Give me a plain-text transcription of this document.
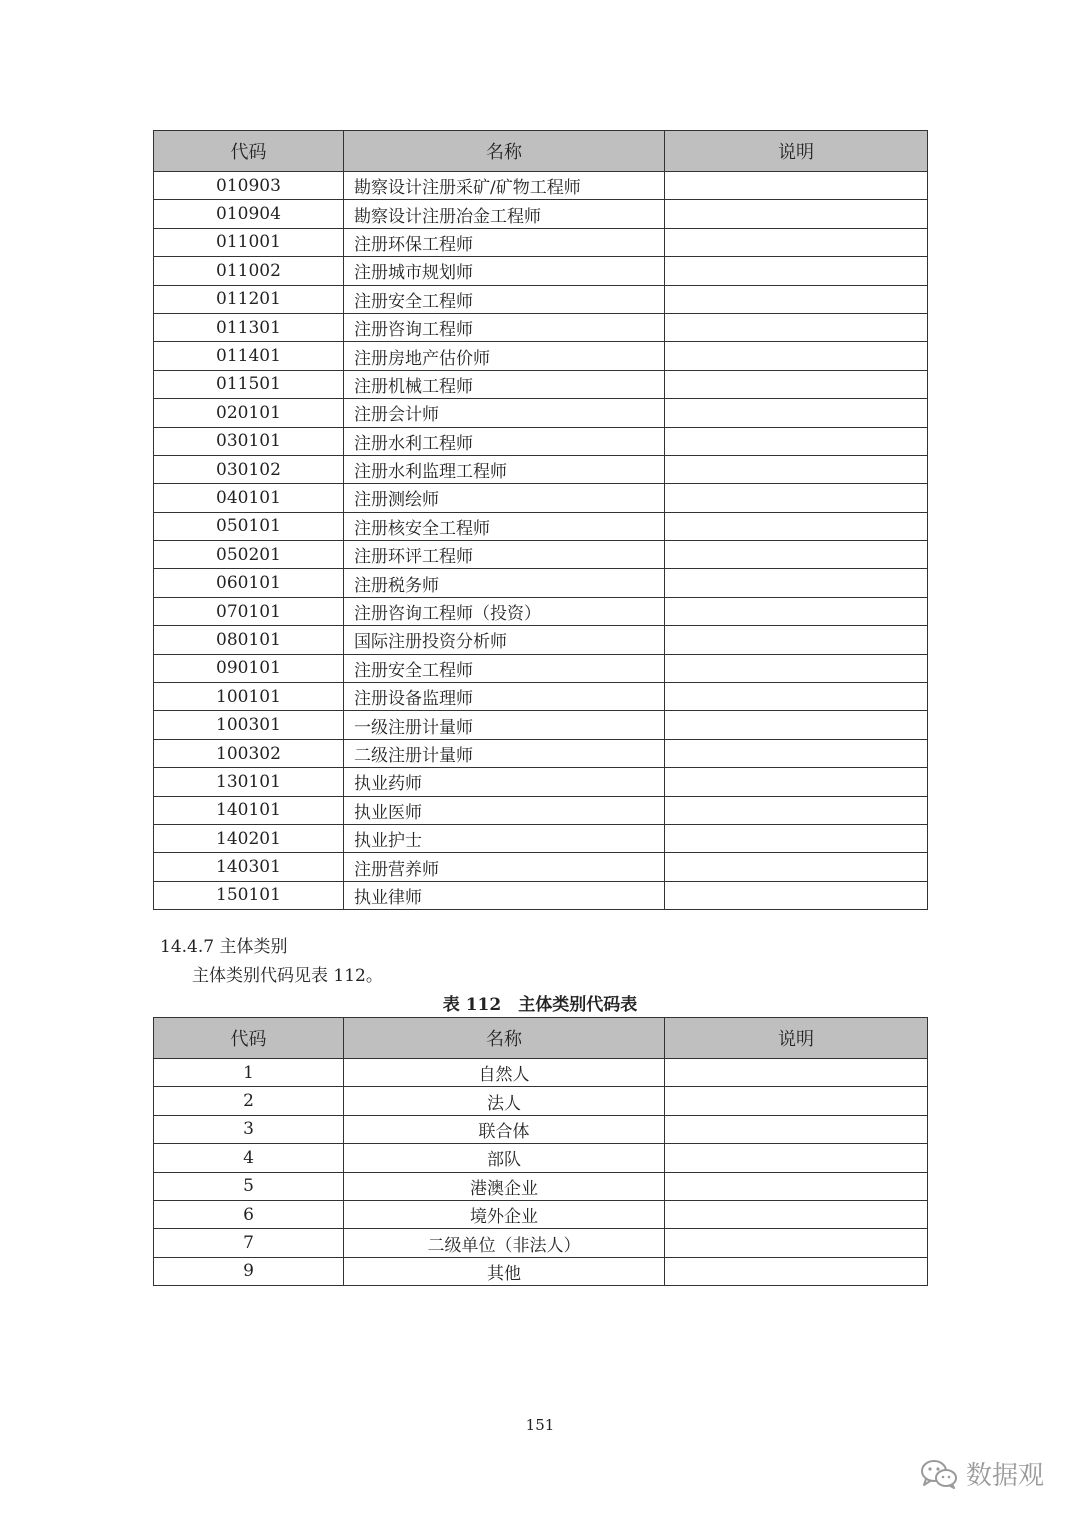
代码	名称	说明
010903	勘察设计注册采矿/矿物工程师	
010904	勘察设计注册冶金工程师	
011001	注册环保工程师	
011002	注册城市规划师	
011201	注册安全工程师	
011301	注册咨询工程师	
011401	注册房地产估价师	
011501	注册机械工程师	
020101	注册会计师	
030101	注册水利工程师	
030102	注册水利监理工程师	
040101	注册测绘师	
050101	注册核安全工程师	
050201	注册环评工程师	
060101	注册税务师	
070101	注册咨询工程师（投资）	
080101	国际注册投资分析师	
090101	注册安全工程师	
100101	注册设备监理师	
100301	一级注册计量师	
100302	二级注册计量师	
130101	执业药师	
140101	执业医师	
140201	执业护士	
140301	注册营养师	
150101	执业律师	
14.4.7 主体类别
主体类别代码见表 112。
表 112　主体类别代码表
代码	名称	说明
1	自然人	
2	法人	
3	联合体	
4	部队	
5	港澳企业	
6	境外企业	
7	二级单位（非法人）	
9	其他	
151
数据观
